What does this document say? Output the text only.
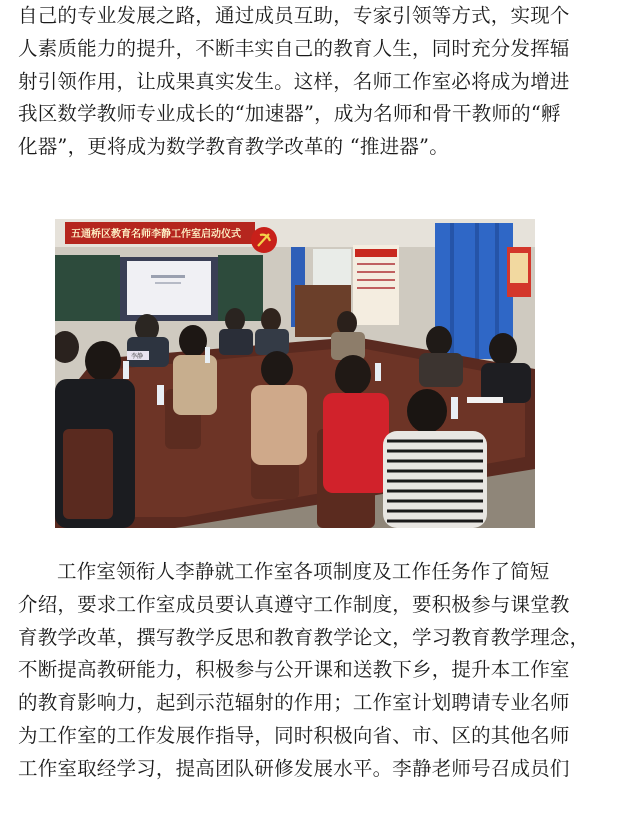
自己的专业发展之路，通过成员互助，专家引领等方式，实现个
人素质能力的提升，不断丰实自己的教育人生，同时充分发挥辐
射引领作用，让成果真实发生。这样，名师工作室必将成为增进
我区数学教师专业成长的“加速器”，成为名师和骨干教师的“孵
化器”，更将成为数学教育教学改革的 “推进器”。
五通桥区教育名师李静工作室启动仪式
李静
工作室领衔人李静就工作室各项制度及工作任务作了简短
介绍，要求工作室成员要认真遵守工作制度，要积极参与课堂教
育教学改革，撰写教学反思和教育教学论文，学习教育教学理念，
不断提高教研能力，积极参与公开课和送教下乡，提升本工作室
的教育影响力，起到示范辐射的作用；工作室计划聘请专业名师
为工作室的工作发展作指导，同时积极向省、市、区的其他名师
工作室取经学习，提高团队研修发展水平。李静老师号召成员们
